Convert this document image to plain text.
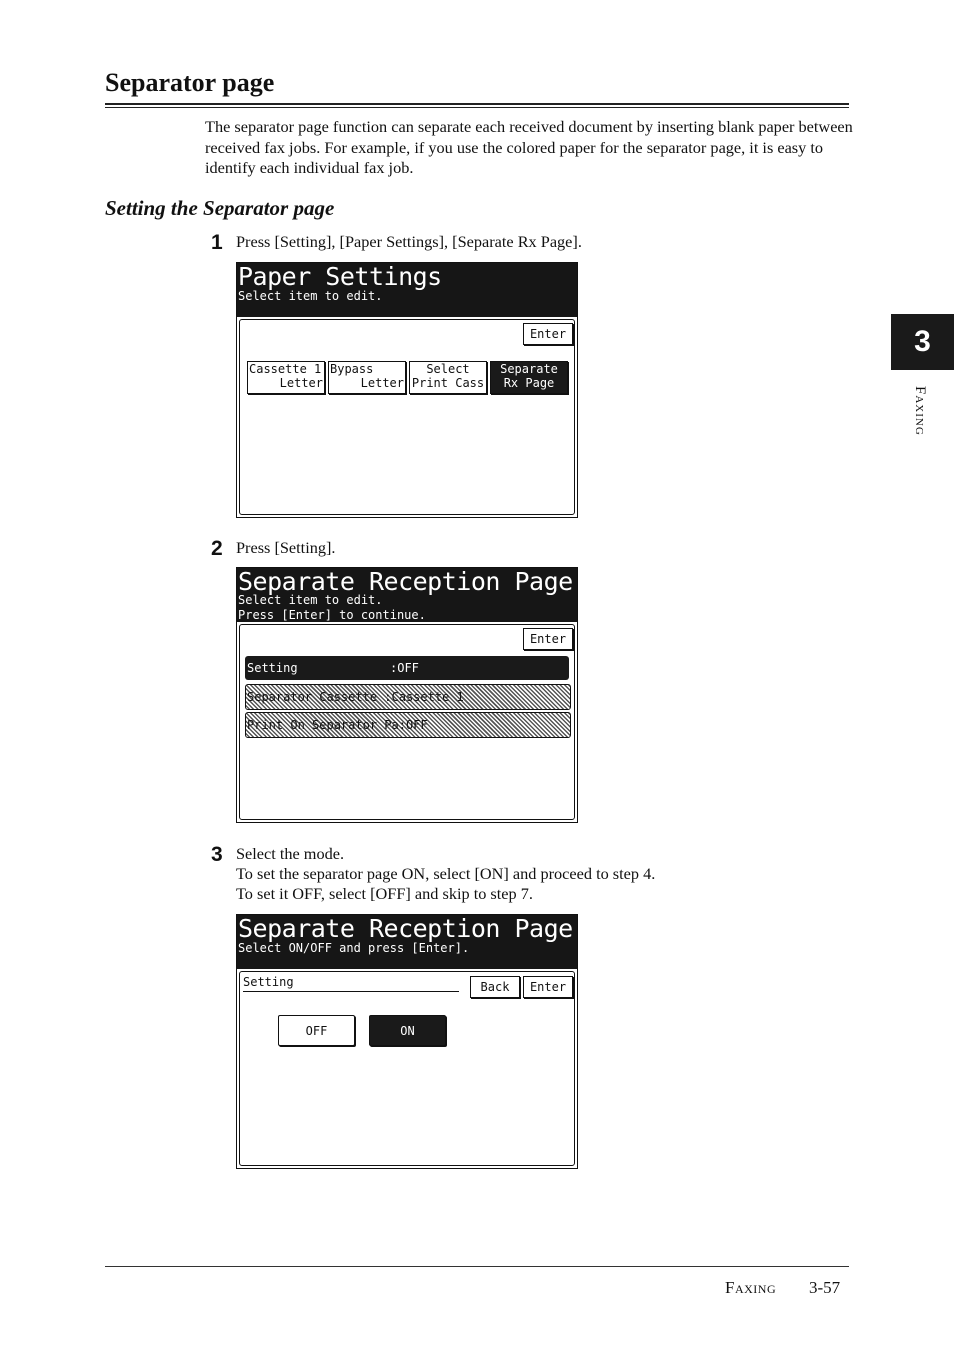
Separator page
The separator page function can separate each received document by inserting blank paper between received fax jobs. For example, if you use the colored paper for the separator page, it is easy to identify each individual fax job.
Setting the Separator page
3
Faxing
1 Press [Setting], [Paper Settings], [Separate Rx Page].
Paper Settings
Select item to edit.
Enter
Cassette 1
Letter
Bypass
Letter
Select
Print Cass
Separate
Rx Page
2 Press [Setting].
Separate Reception Page
Select item to edit.
Press [Enter] to continue.
Enter
Setting	:OFF
Separator Cassette :Cassette 1
Print On Separator Pa:OFF
3 Select the mode.
To set the separator page ON, select [ON] and proceed to step 4.
To set it OFF, select [OFF] and skip to step 7.
Separate Reception Page
Select ON/OFF and press [Enter].
Setting	Back	Enter
OFF	ON
Faxing 3-57
